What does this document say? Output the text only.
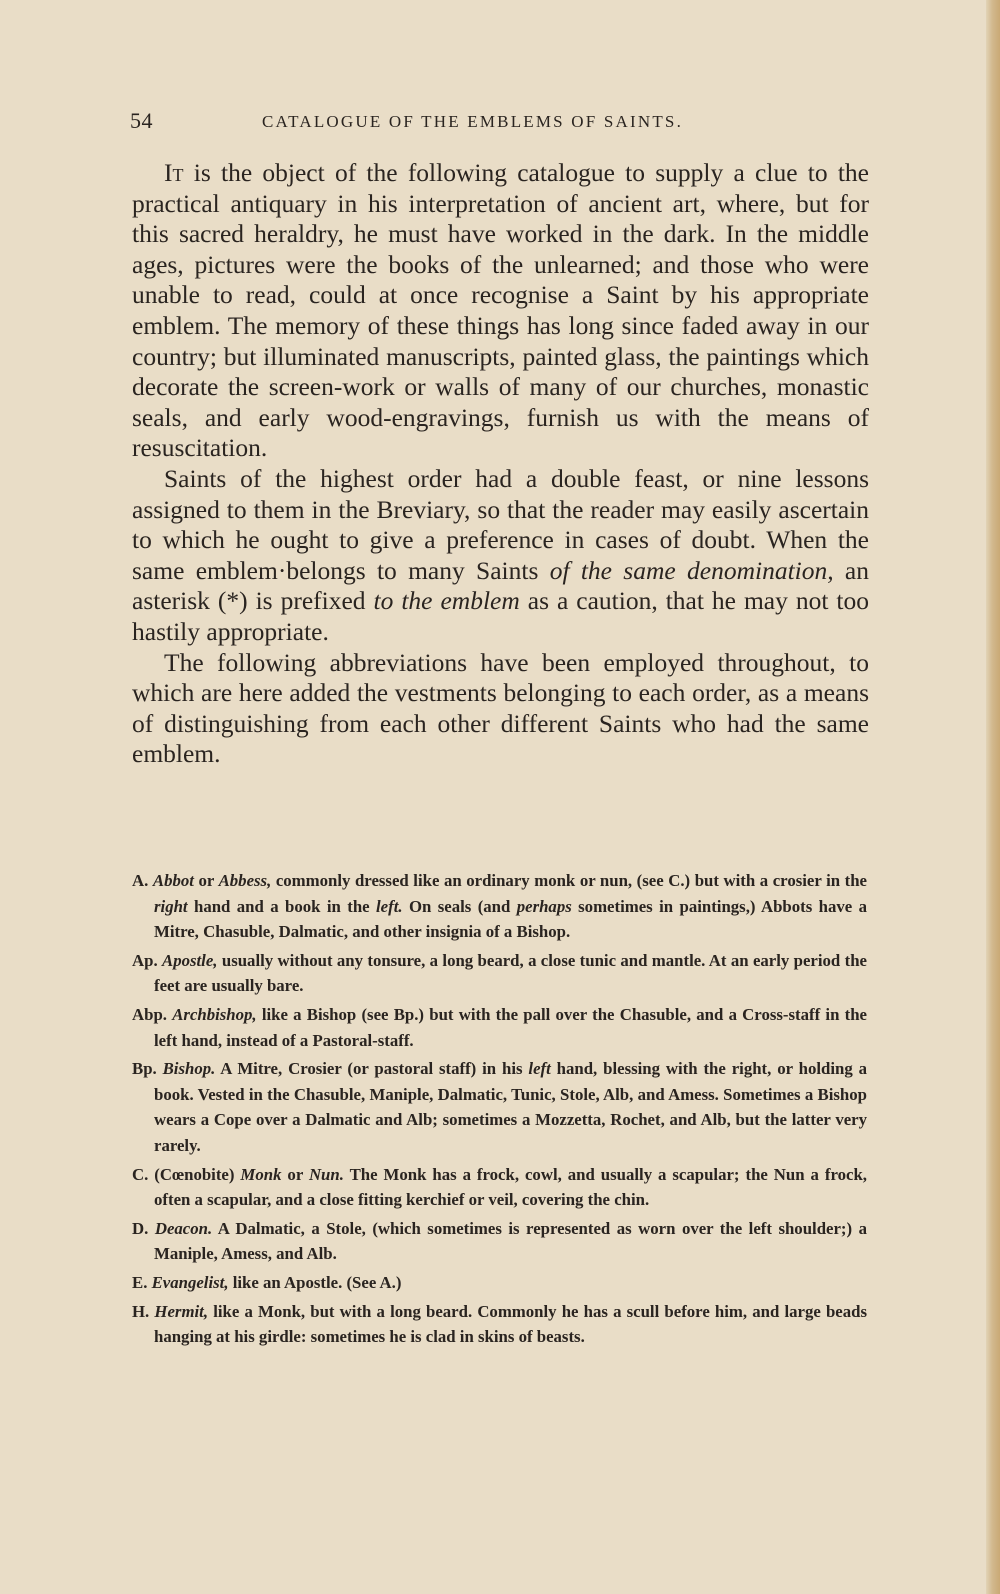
54	CATALOGUE OF THE EMBLEMS OF SAINTS.

It is the object of the following catalogue to supply a clue to the practical antiquary in his interpretation of ancient art, where, but for this sacred heraldry, he must have worked in the dark. In the middle ages, pictures were the books of the unlearned; and those who were unable to read, could at once recognise a Saint by his appropriate emblem. The memory of these things has long since faded away in our country; but illuminated manuscripts, painted glass, the paintings which decorate the screen-work or walls of many of our churches, monastic seals, and early wood-engravings, furnish us with the means of resuscitation.

Saints of the highest order had a double feast, or nine lessons assigned to them in the Breviary, so that the reader may easily ascertain to which he ought to give a preference in cases of doubt. When the same emblem·belongs to many Saints of the same denomination, an asterisk (*) is prefixed to the emblem as a caution, that he may not too hastily appropriate.

The following abbreviations have been employed throughout, to which are here added the vestments belonging to each order, as a means of distinguishing from each other different Saints who had the same emblem.

A. Abbot or Abbess, commonly dressed like an ordinary monk or nun, (see C.) but with a crosier in the right hand and a book in the left. On seals (and perhaps sometimes in paintings,) Abbots have a Mitre, Chasuble, Dalmatic, and other insignia of a Bishop.

Ap. Apostle, usually without any tonsure, a long beard, a close tunic and mantle. At an early period the feet are usually bare.

Abp. Archbishop, like a Bishop (see Bp.) but with the pall over the Chasuble, and a Cross-staff in the left hand, instead of a Pastoral-staff.

Bp. Bishop. A Mitre, Crosier (or pastoral staff) in his left hand, blessing with the right, or holding a book. Vested in the Chasuble, Maniple, Dalmatic, Tunic, Stole, Alb, and Amess. Sometimes a Bishop wears a Cope over a Dalmatic and Alb; sometimes a Mozzetta, Rochet, and Alb, but the latter very rarely.

C. (Cœnobite) Monk or Nun. The Monk has a frock, cowl, and usually a scapular; the Nun a frock, often a scapular, and a close fitting kerchief or veil, covering the chin.

D. Deacon. A Dalmatic, a Stole, (which sometimes is represented as worn over the left shoulder;) a Maniple, Amess, and Alb.

E. Evangelist, like an Apostle. (See A.)

H. Hermit, like a Monk, but with a long beard. Commonly he has a scull before him, and large beads hanging at his girdle: sometimes he is clad in skins of beasts.
